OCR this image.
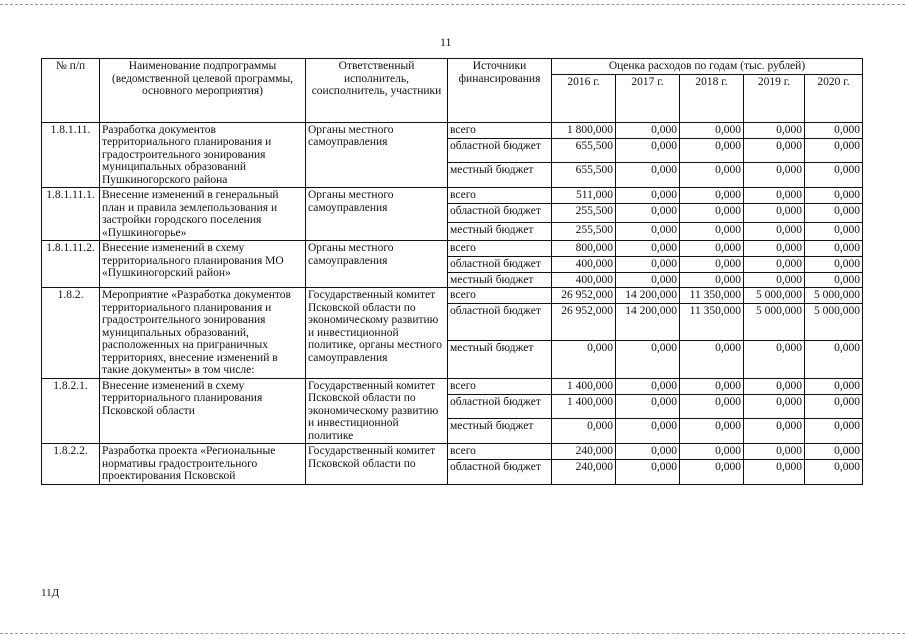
11
№ п/п	Наименование подпрограммы (ведомственной целевой программы, основного мероприятия)	Ответственный исполнитель, соисполнитель, участники	Источники финансирования	Оценка расходов по годам (тыс. рублей)				
				2016 г.	2017 г.	2018 г.	2019 г.	2020 г.
1.8.1.11.	Разработка документов территориального планирования и градостроительного зонирования муниципальных образований Пушкиногорского района	Органы местного самоуправления	всего	1 800,000	0,000	0,000	0,000	0,000
			областной бюджет	655,500	0,000	0,000	0,000	0,000
			местный бюджет	655,500	0,000	0,000	0,000	0,000
1.8.1.11.1.	Внесение изменений в генеральный план и правила землепользования и застройки городского поселения «Пушкиногорье»	Органы местного самоуправления	всего	511,000	0,000	0,000	0,000	0,000
			областной бюджет	255,500	0,000	0,000	0,000	0,000
			местный бюджет	255,500	0,000	0,000	0,000	0,000
1.8.1.11.2.	Внесение изменений в схему территориального планирования МО «Пушкиногорский район»	Органы местного самоуправления	всего	800,000	0,000	0,000	0,000	0,000
			областной бюджет	400,000	0,000	0,000	0,000	0,000
			местный бюджет	400,000	0,000	0,000	0,000	0,000
1.8.2.	Мероприятие «Разработка документов территориального планирования и градостроительного зонирования муниципальных образований, расположенных на приграничных территориях, внесение изменений в такие документы» в том числе:	Государственный комитет Псковской области по экономическому развитию и инвестиционной политике, органы местного самоуправления	всего	26 952,000	14 200,000	11 350,000	5 000,000	5 000,000
			областной бюджет	26 952,000	14 200,000	11 350,000	5 000,000	5 000,000
			местный бюджет	0,000	0,000	0,000	0,000	0,000
1.8.2.1.	Внесение изменений в схему территориального планирования Псковской области	Государственный комитет Псковской области по экономическому развитию и инвестиционной политике	всего	1 400,000	0,000	0,000	0,000	0,000
			областной бюджет	1 400,000	0,000	0,000	0,000	0,000
			местный бюджет	0,000	0,000	0,000	0,000	0,000
1.8.2.2.	Разработка проекта «Региональные нормативы градостроительного проектирования Псковской	Государственный комитет Псковской области по	всего	240,000	0,000	0,000	0,000	0,000
			областной бюджет	240,000	0,000	0,000	0,000	0,000
11Д
